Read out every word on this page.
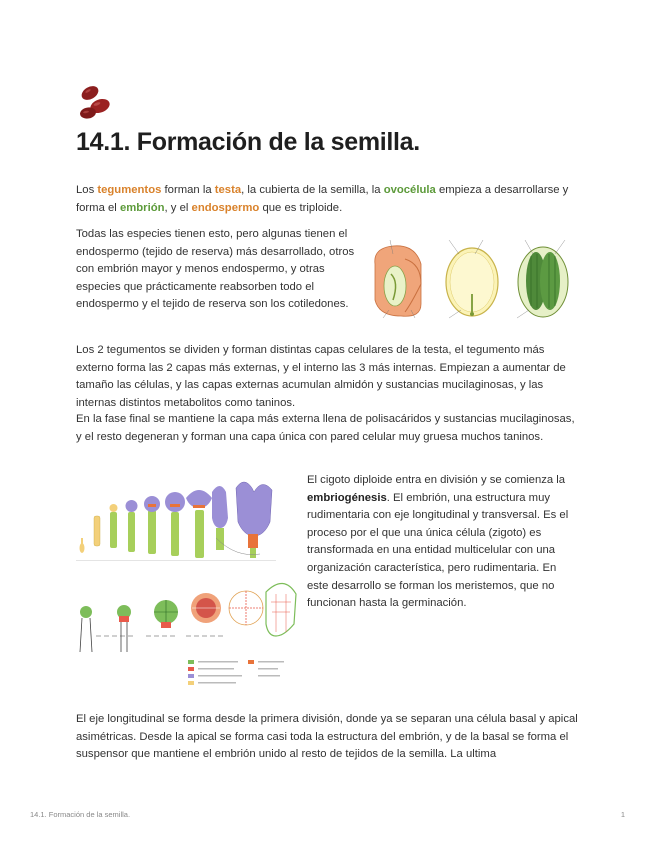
14.1. Formación de la semilla.

Los tegumentos forman la testa, la cubierta de la semilla, la ovocélula empieza a desarrollarse y forma el embrión, y el endospermo que es triploide.

Todas las especies tienen esto, pero algunas tienen el endospermo (tejido de reserva) más desarrollado, otros con embrión mayor y menos endospermo, y otras especies que prácticamente reabsorben todo el endospermo y el tejido de reserva son los cotiledones.

Los 2 tegumentos se dividen y forman distintas capas celulares de la testa, el tegumento más externo forma las 2 capas más externas, y el interno las 3 más internas. Empiezan a aumentar de tamaño las células, y las capas externas acumulan almidón y sustancias mucilaginosas, y las internas distintos metabolitos como taninos.

En la fase final se mantiene la capa más externa llena de polisacáridos y sustancias mucilaginosas, y el resto degeneran y forman una capa única con pared celular muy gruesa muchos taninos.

El cigoto diploide entra en división y se comienza la embriogénesis. El embrión, una estructura muy rudimentaria con eje longitudinal y transversal. Es el proceso por el que una única célula (zigoto) es transformada en una entidad multicelular con una organización característica, pero rudimentaria. En este desarrollo se forman los meristemos, que no funcionan hasta la germinación.

El eje longitudinal se forma desde la primera división, donde ya se separan una célula basal y apical asimétricas. Desde la apical se forma casi toda la estructura del embrión, y de la basal se forma el suspensor que mantiene el embrión unido al resto de tejidos de la semilla. La ultima

14.1. Formación de la semilla.	1
